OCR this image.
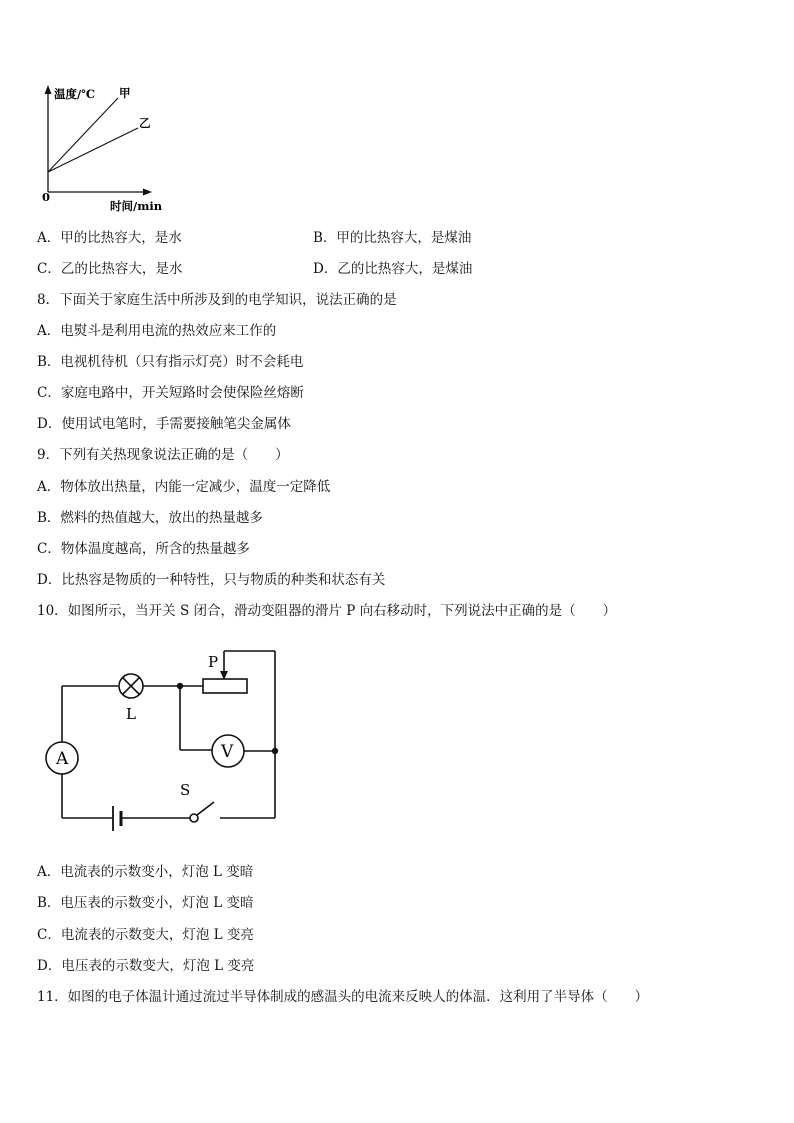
温度/℃ 甲
乙
0
时间/min
A．甲的比热容大，是水	B．甲的比热容大，是煤油
C．乙的比热容大，是水	D．乙的比热容大，是煤油
8．下面关于家庭生活中所涉及到的电学知识，说法正确的是
A．电熨斗是利用电流的热效应来工作的
B．电视机待机（只有指示灯亮）时不会耗电
C．家庭电路中，开关短路时会使保险丝熔断
D．使用试电笔时，手需要接触笔尖金属体
9．下列有关热现象说法正确的是（　　）
A．物体放出热量，内能一定减少，温度一定降低
B．燃料的热值越大，放出的热量越多
C．物体温度越高，所含的热量越多
D．比热容是物质的一种特性，只与物质的种类和状态有关
10．如图所示，当开关 S 闭合，滑动变阻器的滑片 P 向右移动时，下列说法中正确的是（　　）
P
L
A	V
S
A．电流表的示数变小，灯泡 L 变暗
B．电压表的示数变小，灯泡 L 变暗
C．电流表的示数变大，灯泡 L 变亮
D．电压表的示数变大，灯泡 L 变亮
11．如图的电子体温计通过流过半导体制成的感温头的电流来反映人的体温．这利用了半导体（　　）
